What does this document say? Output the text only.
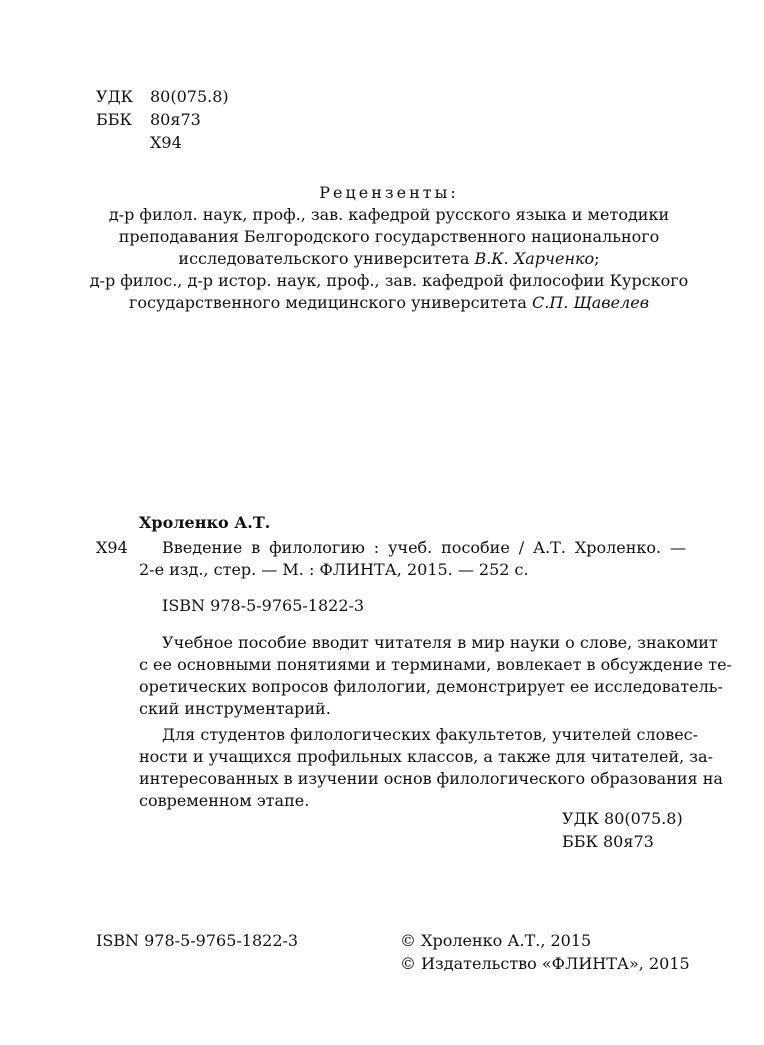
УДК 80(075.8)
ББК 80я73
Х94
Рецензенты:
д-р филол. наук, проф., зав. кафедрой русского языка и методики
преподавания Белгородского государственного национального
исследовательского университета В.К. Харченко;
д-р филос., д-р истор. наук, проф., зав. кафедрой философии Курского
государственного медицинского университета С.П. Щавелев
Хроленко А.Т.
Х94 Введение в филологию : учеб. пособие / А.Т. Хроленко. —
2-е изд., стер. — М. : ФЛИНТА, 2015. — 252 с.
ISBN 978-5-9765-1822-3
Учебное пособие вводит читателя в мир науки о слове, знакомит
с ее основными понятиями и терминами, вовлекает в обсуждение те-
оретических вопросов филологии, демонстрирует ее исследователь-
ский инструментарий.
Для студентов филологических факультетов, учителей словес-
ности и учащихся профильных классов, а также для читателей, за-
интересованных в изучении основ филологического образования на
современном этапе.
УДК 80(075.8)
ББК 80я73
ISBN 978-5-9765-1822-3	© Хроленко А.Т., 2015
© Издательство «ФЛИНТА», 2015
